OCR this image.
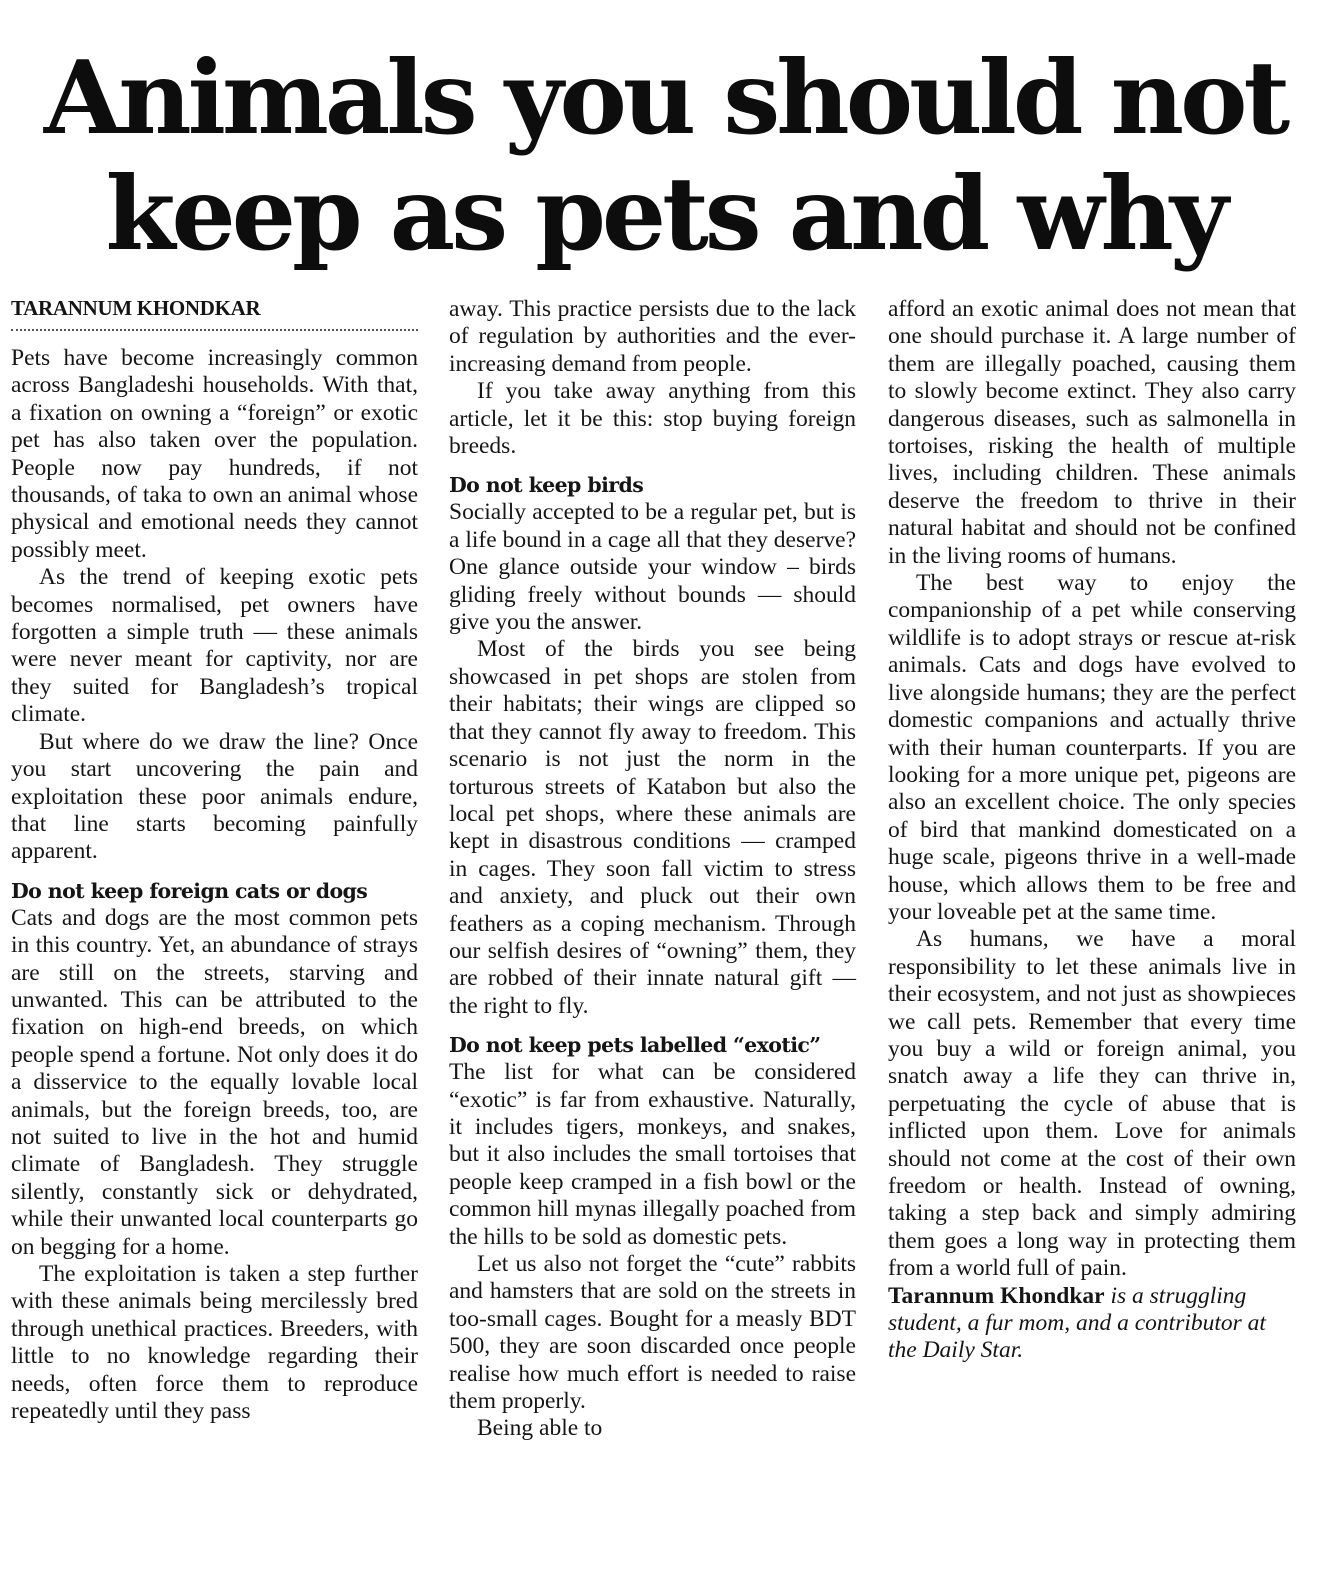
Animals you should not
keep as pets and why
TARANNUM KHONDKAR

Pets have become increasingly common across Bangladeshi households. With that, a fixation on owning a “foreign” or exotic pet has also taken over the population. People now pay hundreds, if not thousands, of taka to own an animal whose physical and emotional needs they cannot possibly meet.

As the trend of keeping exotic pets becomes normalised, pet owners have forgotten a simple truth — these animals were never meant for captivity, nor are they suited for Bangladesh’s tropical climate.

But where do we draw the line? Once you start uncovering the pain and exploitation these poor animals endure, that line starts becoming painfully apparent.

Do not keep foreign cats or dogs

Cats and dogs are the most common pets in this country. Yet, an abundance of strays are still on the streets, starving and unwanted. This can be attributed to the fixation on high-end breeds, on which people spend a fortune. Not only does it do a disservice to the equally lovable local animals, but the foreign breeds, too, are not suited to live in the hot and humid climate of Bangladesh. They struggle silently, constantly sick or dehydrated, while their unwanted local counterparts go on begging for a home.

The exploitation is taken a step further with these animals being mercilessly bred through unethical practices. Breeders, with little to no knowledge regarding their needs, often force them to reproduce repeatedly until they pass

away. This practice persists due to the lack of regulation by authorities and the ever-increasing demand from people.

If you take away anything from this article, let it be this: stop buying foreign breeds.

Do not keep birds

Socially accepted to be a regular pet, but is a life bound in a cage all that they deserve? One glance outside your window – birds gliding freely without bounds — should give you the answer.

Most of the birds you see being showcased in pet shops are stolen from their habitats; their wings are clipped so that they cannot fly away to freedom. This scenario is not just the norm in the torturous streets of Katabon but also the local pet shops, where these animals are kept in disastrous conditions — cramped in cages. They soon fall victim to stress and anxiety, and pluck out their own feathers as a coping mechanism. Through our selfish desires of “owning” them, they are robbed of their innate natural gift — the right to fly.

Do not keep pets labelled “exotic”

The list for what can be considered “exotic” is far from exhaustive. Naturally, it includes tigers, monkeys, and snakes, but it also includes the small tortoises that people keep cramped in a fish bowl or the common hill mynas illegally poached from the hills to be sold as domestic pets.

Let us also not forget the “cute” rabbits and hamsters that are sold on the streets in too-small cages. Bought for a measly BDT 500, they are soon discarded once people realise how much effort is needed to raise them properly.

Being able to

afford an exotic animal does not mean that one should purchase it. A large number of them are illegally poached, causing them to slowly become extinct. They also carry dangerous diseases, such as salmonella in tortoises, risking the health of multiple lives, including children. These animals deserve the freedom to thrive in their natural habitat and should not be confined in the living rooms of humans.

The best way to enjoy the companionship of a pet while conserving wildlife is to adopt strays or rescue at-risk animals. Cats and dogs have evolved to live alongside humans; they are the perfect domestic companions and actually thrive with their human counterparts. If you are looking for a more unique pet, pigeons are also an excellent choice. The only species of bird that mankind domesticated on a huge scale, pigeons thrive in a well-made house, which allows them to be free and your loveable pet at the same time.

As humans, we have a moral responsibility to let these animals live in their ecosystem, and not just as showpieces we call pets. Remember that every time you buy a wild or foreign animal, you snatch away a life they can thrive in, perpetuating the cycle of abuse that is inflicted upon them. Love for animals should not come at the cost of their own freedom or health. Instead of owning, taking a step back and simply admiring them goes a long way in protecting them from a world full of pain.

Tarannum Khondkar is a struggling student, a fur mom, and a contributor at the Daily Star.
